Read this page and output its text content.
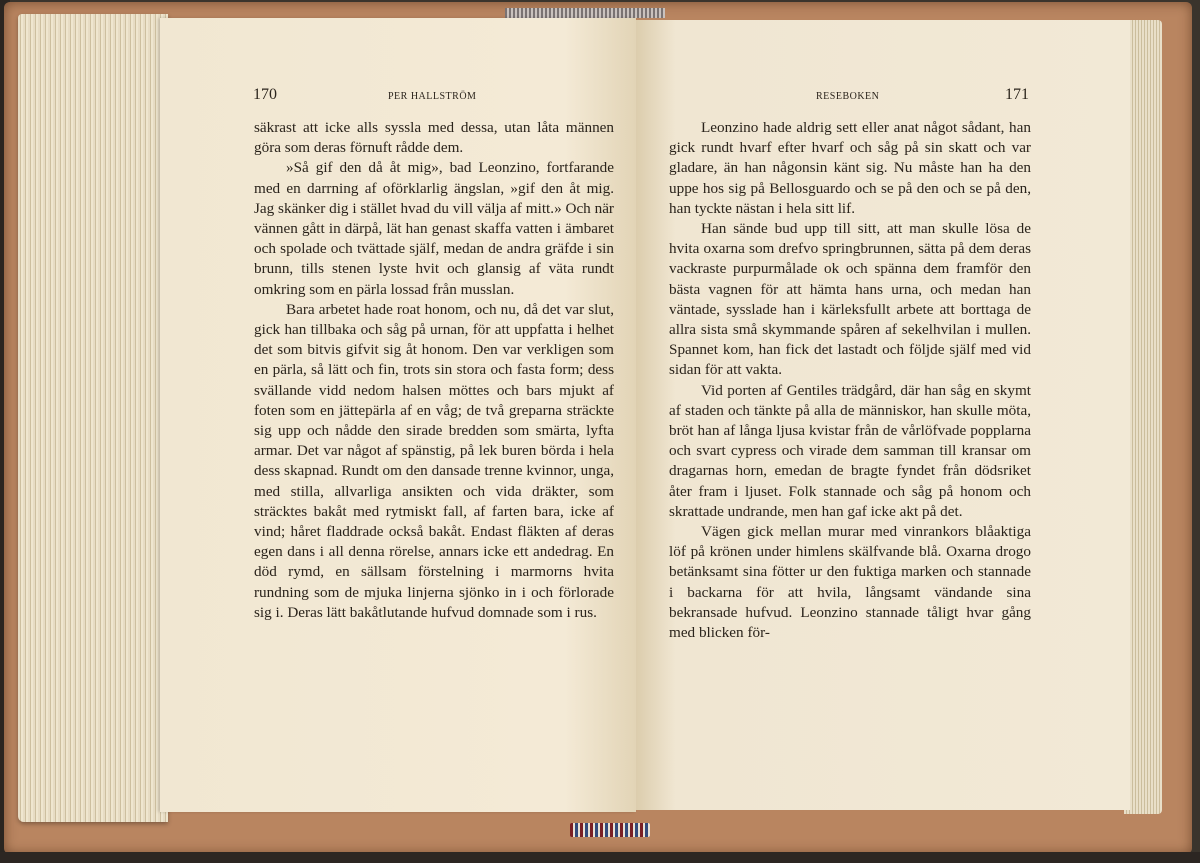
170	PER HALLSTRÖM

säkrast att icke alls syssla med dessa, utan låta männen göra som deras förnuft rådde dem.

»Så gif den då åt mig», bad Leonzino, fortfarande med en darrning af oförklarlig ängslan, »gif den åt mig. Jag skänker dig i stället hvad du vill välja af mitt.» Och när vännen gått in därpå, lät han genast skaffa vatten i ämbaret och spolade och tvättade själf, medan de andra gräfde i sin brunn, tills stenen lyste hvit och glansig af väta rundt omkring som en pärla lossad från musslan.

Bara arbetet hade roat honom, och nu, då det var slut, gick han tillbaka och såg på urnan, för att uppfatta i helhet det som bitvis gifvit sig åt honom. Den var verkligen som en pärla, så lätt och fin, trots sin stora och fasta form; dess svällande vidd nedom halsen möttes och bars mjukt af foten som en jättepärla af en våg; de två greparna sträckte sig upp och nådde den sirade bredden som smärta, lyfta armar. Det var något af spänstig, på lek buren börda i hela dess skapnad. Rundt om den dansade trenne kvinnor, unga, med stilla, allvarliga ansikten och vida dräkter, som sträcktes bakåt med rytmiskt fall, af farten bara, icke af vind; håret fladdrade också bakåt. Endast fläkten af deras egen dans i all denna rörelse, annars icke ett andedrag. En död rymd, en sällsam förstelning i marmorns hvita rundning som de mjuka linjerna sjönko in i och förlorade sig i. Deras lätt bakåtlutande hufvud domnade som i rus.

RESEBOKEN	171

Leonzino hade aldrig sett eller anat något sådant, han gick rundt hvarf efter hvarf och såg på sin skatt och var gladare, än han någonsin känt sig. Nu måste han ha den uppe hos sig på Bellosguardo och se på den och se på den, han tyckte nästan i hela sitt lif.

Han sände bud upp till sitt, att man skulle lösa de hvita oxarna som drefvo springbrunnen, sätta på dem deras vackraste purpurmålade ok och spänna dem framför den bästa vagnen för att hämta hans urna, och medan han väntade, sysslade han i kärleksfullt arbete att borttaga de allra sista små skymmande spåren af sekelhvilan i mullen. Spannet kom, han fick det lastadt och följde själf med vid sidan för att vakta.

Vid porten af Gentiles trädgård, där han såg en skymt af staden och tänkte på alla de människor, han skulle möta, bröt han af långa ljusa kvistar från de vårlöfvade popplarna och svart cypress och virade dem samman till kransar om dragarnas horn, emedan de bragte fyndet från dödsriket åter fram i ljuset. Folk stannade och såg på honom och skrattade undrande, men han gaf icke akt på det.

Vägen gick mellan murar med vinrankors blåaktiga löf på krönen under himlens skälfvande blå. Oxarna drogo betänksamt sina fötter ur den fuktiga marken och stannade i backarna för att hvila, långsamt vändande sina bekransade hufvud. Leonzino stannade tåligt hvar gång med blicken för-
